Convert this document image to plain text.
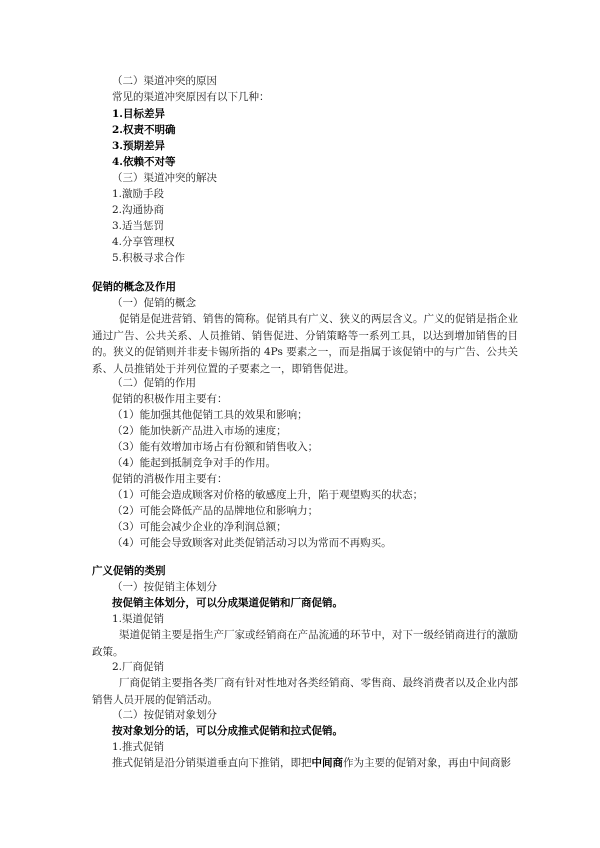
（二）渠道冲突的原因
常见的渠道冲突原因有以下几种：
1.目标差异
2.权责不明确
3.预期差异
4.依赖不对等
（三）渠道冲突的解决
1.激励手段
2.沟通协商
3.适当惩罚
4.分享管理权
5.积极寻求合作
促销的概念及作用
（一）促销的概念
促销是促进营销、销售的简称。促销具有广义、狭义的两层含义。广义的促销是指企业通过广告、公共关系、人员推销、销售促进、分销策略等一系列工具，以达到增加销售的目的。狭义的促销则并非麦卡锡所指的 4Ps 要素之一，而是指属于该促销中的与广告、公共关系、人员推销处于并列位置的子要素之一，即销售促进。
（二）促销的作用
促销的积极作用主要有：
（1）能加强其他促销工具的效果和影响；
（2）能加快新产品进入市场的速度；
（3）能有效增加市场占有份额和销售收入；
（4）能起到抵制竞争对手的作用。
促销的消极作用主要有：
（1）可能会造成顾客对价格的敏感度上升，陷于观望购买的状态；
（2）可能会降低产品的品牌地位和影响力；
（3）可能会减少企业的净利润总额；
（4）可能会导致顾客对此类促销活动习以为常而不再购买。
广义促销的类别
（一）按促销主体划分
按促销主体划分，可以分成渠道促销和厂商促销。
1.渠道促销
渠道促销主要是指生产厂家或经销商在产品流通的环节中，对下一级经销商进行的激励政策。
2.厂商促销
厂商促销主要指各类厂商有针对性地对各类经销商、零售商、最终消费者以及企业内部销售人员开展的促销活动。
（二）按促销对象划分
按对象划分的话，可以分成推式促销和拉式促销。
1.推式促销
推式促销是沿分销渠道垂直向下推销，即把中间商作为主要的促销对象，再由中间商影
